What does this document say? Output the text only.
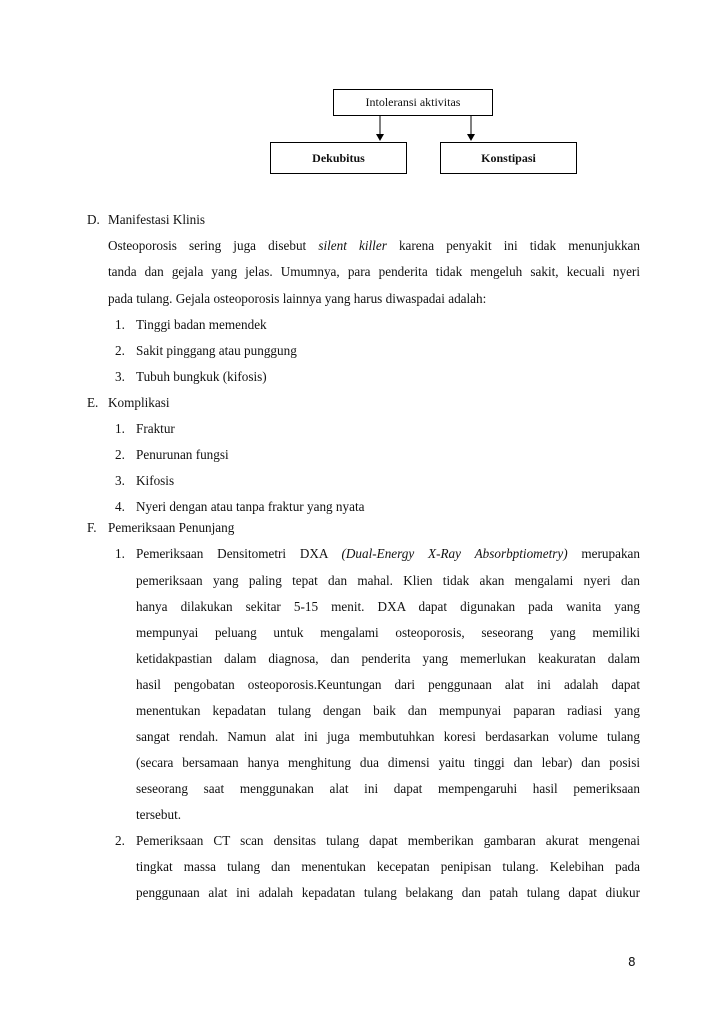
Intoleransi aktivitas
Dekubitus	Konstipasi
D. Manifestasi Klinis
Osteoporosis sering juga disebut silent killer karena penyakit ini tidak menunjukkan
tanda dan gejala yang jelas. Umumnya, para penderita tidak mengeluh sakit, kecuali nyeri
pada tulang. Gejala osteoporosis lainnya yang harus diwaspadai adalah:
1. Tinggi badan memendek
2. Sakit pinggang atau punggung
3. Tubuh bungkuk (kifosis)
E. Komplikasi
1. Fraktur
2. Penurunan fungsi
3. Kifosis
4. Nyeri dengan atau tanpa fraktur yang nyata
F. Pemeriksaan Penunjang
1. Pemeriksaan Densitometri DXA (Dual-Energy X-Ray Absorbptiometry) merupakan
pemeriksaan yang paling tepat dan mahal. Klien tidak akan mengalami nyeri dan
hanya dilakukan sekitar 5-15 menit. DXA dapat digunakan pada wanita yang
mempunyai peluang untuk mengalami osteoporosis, seseorang yang memiliki
ketidakpastian dalam diagnosa, dan penderita yang memerlukan keakuratan dalam
hasil pengobatan osteoporosis.Keuntungan dari penggunaan alat ini adalah dapat
menentukan kepadatan tulang dengan baik dan mempunyai paparan radiasi yang
sangat rendah. Namun alat ini juga membutuhkan koresi berdasarkan volume tulang
(secara bersamaan hanya menghitung dua dimensi yaitu tinggi dan lebar) dan posisi
seseorang saat menggunakan alat ini dapat mempengaruhi hasil pemeriksaan
tersebut.
2. Pemeriksaan CT scan densitas tulang dapat memberikan gambaran akurat mengenai
tingkat massa tulang dan menentukan kecepatan penipisan tulang. Kelebihan pada
penggunaan alat ini adalah kepadatan tulang belakang dan patah tulang dapat diukur
8
